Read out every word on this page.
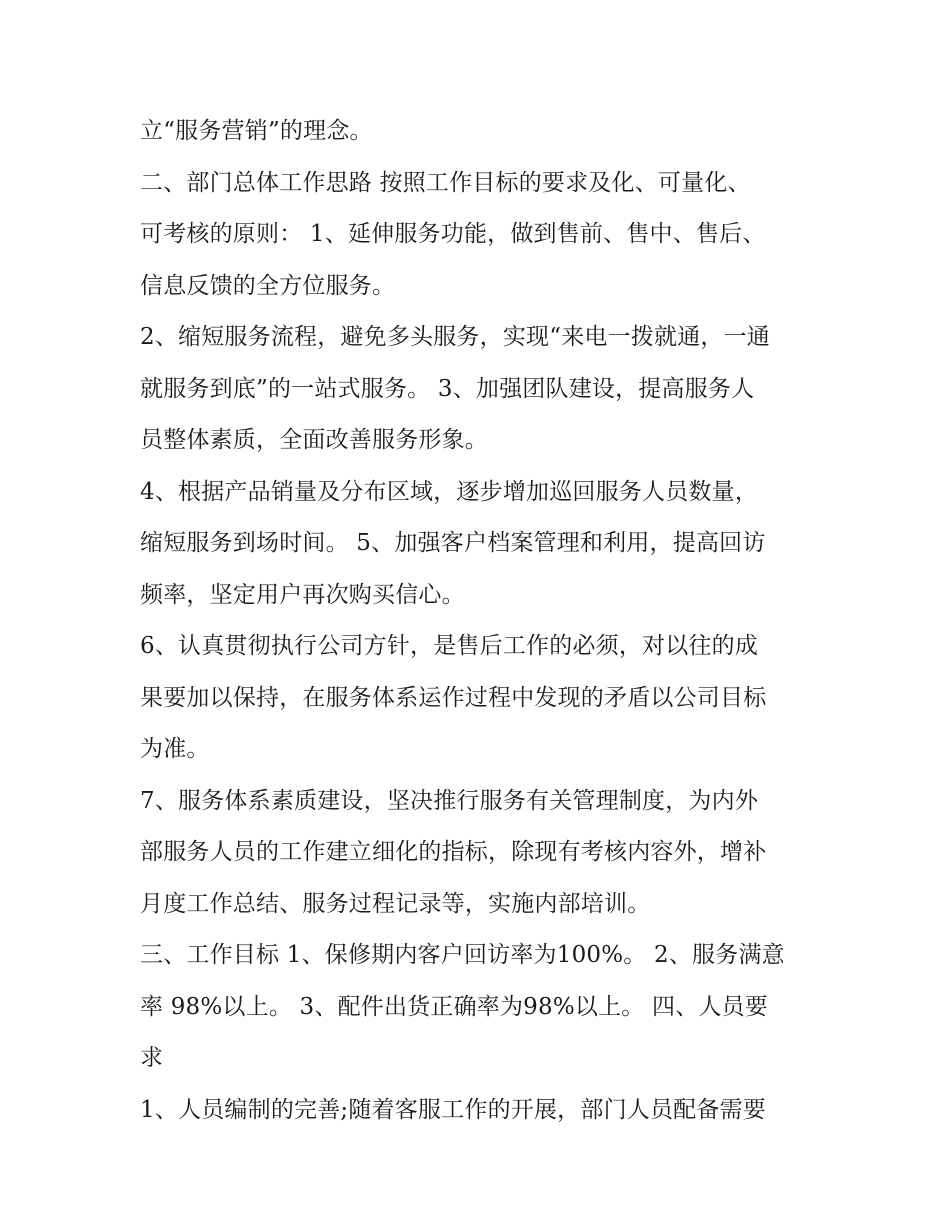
立“服务营销”的理念。
二、部门总体工作思路 按照工作目标的要求及化、可量化、
可考核的原则： 1、延伸服务功能，做到售前、售中、售后、
信息反馈的全方位服务。
2、缩短服务流程，避免多头服务，实现“来电一拨就通，一通
就服务到底”的一站式服务。 3、加强团队建设，提高服务人
员整体素质，全面改善服务形象。
4、根据产品销量及分布区域，逐步增加巡回服务人员数量，
缩短服务到场时间。 5、加强客户档案管理和利用，提高回访
频率，坚定用户再次购买信心。
6、认真贯彻执行公司方针，是售后工作的必须，对以往的成
果要加以保持，在服务体系运作过程中发现的矛盾以公司目标
为准。
7、服务体系素质建设，坚决推行服务有关管理制度，为内外
部服务人员的工作建立细化的指标，除现有考核内容外，增补
月度工作总结、服务过程记录等，实施内部培训。
三、工作目标 1、保修期内客户回访率为100%。 2、服务满意
率 98%以上。 3、配件出货正确率为98%以上。 四、人员要
求
1、人员编制的完善;随着客服工作的开展，部门人员配备需要
